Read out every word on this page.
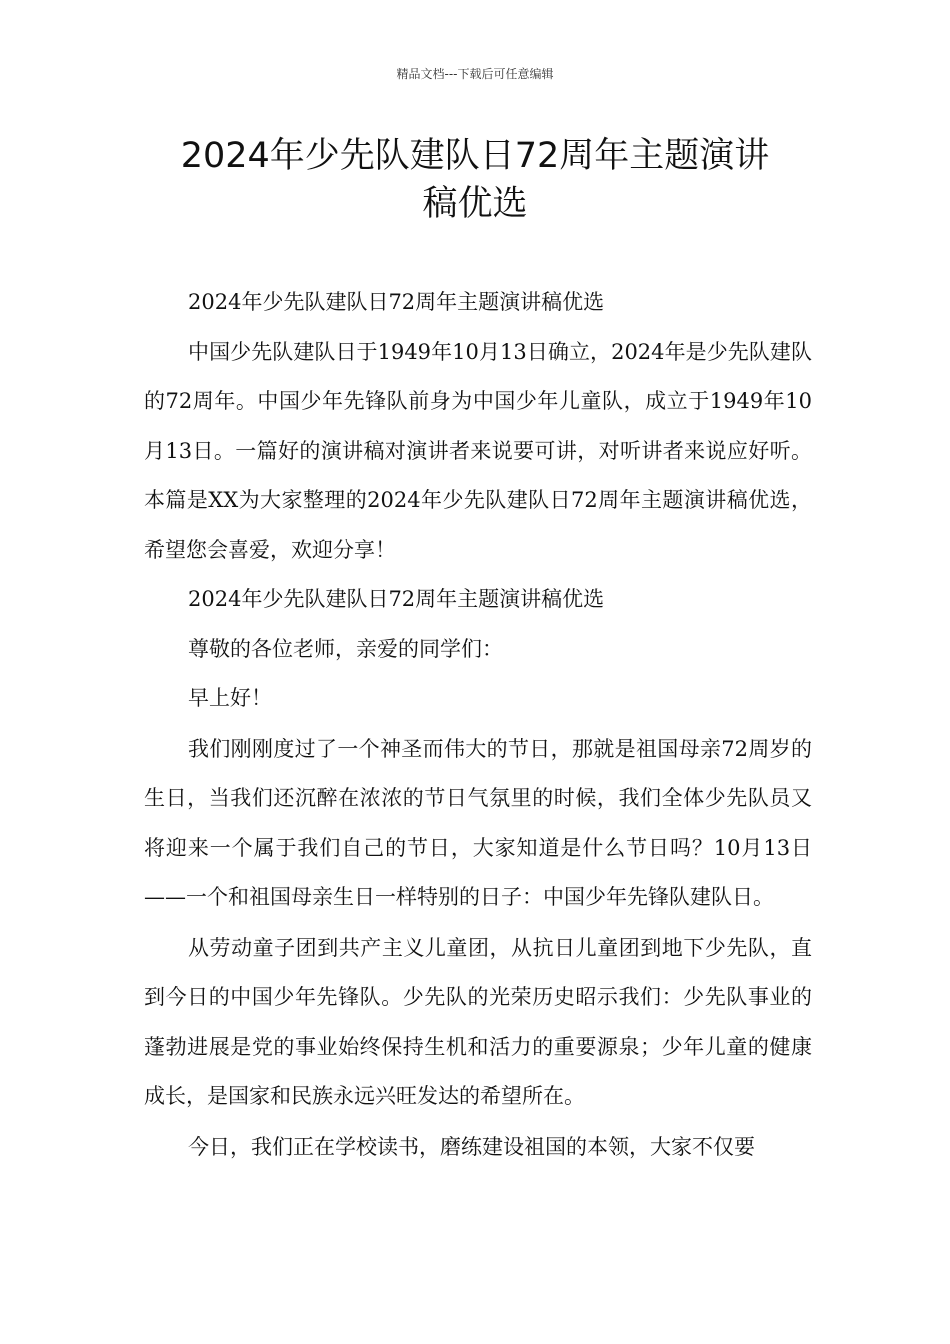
精品文档---下载后可任意编辑
2024年少先队建队日72周年主题演讲
稿优选

2024年少先队建队日72周年主题演讲稿优选

中国少先队建队日于1949年10月13日确立，2024年是少先队建队的72周年。中国少年先锋队前身为中国少年儿童队，成立于1949年10月13日。一篇好的演讲稿对演讲者来说要可讲，对听讲者来说应好听。本篇是XX为大家整理的2024年少先队建队日72周年主题演讲稿优选，希望您会喜爱，欢迎分享！

2024年少先队建队日72周年主题演讲稿优选

尊敬的各位老师，亲爱的同学们：

早上好！

我们刚刚度过了一个神圣而伟大的节日，那就是祖国母亲72周岁的生日，当我们还沉醉在浓浓的节日气氛里的时候，我们全体少先队员又将迎来一个属于我们自己的节日，大家知道是什么节日吗？10月13日——一个和祖国母亲生日一样特别的日子：中国少年先锋队建队日。

从劳动童子团到共产主义儿童团，从抗日儿童团到地下少先队，直到今日的中国少年先锋队。少先队的光荣历史昭示我们：少先队事业的蓬勃进展是党的事业始终保持生机和活力的重要源泉；少年儿童的健康成长，是国家和民族永远兴旺发达的希望所在。

今日，我们正在学校读书，磨练建设祖国的本领，大家不仅要
